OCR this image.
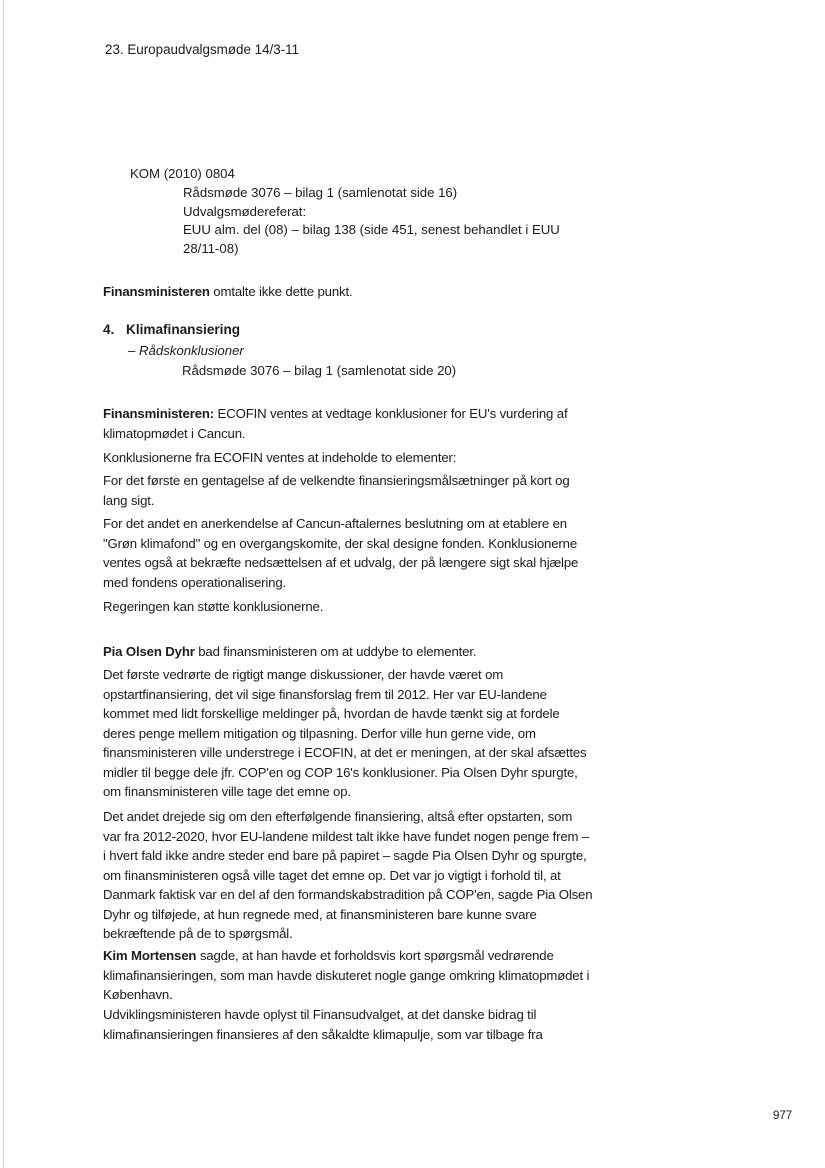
23. Europaudvalgsmøde 14/3-11
KOM (2010) 0804
Rådsmøde 3076 – bilag 1 (samlenotat side 16)
Udvalgsmødereferat:
EUU alm. del (08) – bilag 138 (side 451, senest behandlet i EUU
28/11-08)

Finansministeren omtalte ikke dette punkt.

4. Klimafinansiering
– Rådskonklusioner
Rådsmøde 3076 – bilag 1 (samlenotat side 20)

Finansministeren: ECOFIN ventes at vedtage konklusioner for EU's vurdering af klimatopmødet i Cancun.

Konklusionerne fra ECOFIN ventes at indeholde to elementer:

For det første en gentagelse af de velkendte finansieringsmålsætninger på kort og lang sigt.

For det andet en anerkendelse af Cancun-aftalernes beslutning om at etablere en "Grøn klimafond" og en overgangskomite, der skal designe fonden. Konklusionerne ventes også at bekræfte nedsættelsen af et udvalg, der på længere sigt skal hjælpe med fondens operationalisering.

Regeringen kan støtte konklusionerne.

Pia Olsen Dyhr bad finansministeren om at uddybe to elementer.

Det første vedrørte de rigtigt mange diskussioner, der havde været om opstartfinansiering, det vil sige finansforslag frem til 2012. Her var EU-landene kommet med lidt forskellige meldinger på, hvordan de havde tænkt sig at fordele deres penge mellem mitigation og tilpasning. Derfor ville hun gerne vide, om finansministeren ville understrege i ECOFIN, at det er meningen, at der skal afsættes midler til begge dele jfr. COP'en og COP 16's konklusioner. Pia Olsen Dyhr spurgte, om finansministeren ville tage det emne op.

Det andet drejede sig om den efterfølgende finansiering, altså efter opstarten, som var fra 2012-2020, hvor EU-landene mildest talt ikke have fundet nogen penge frem – i hvert fald ikke andre steder end bare på papiret – sagde Pia Olsen Dyhr og spurgte, om finansministeren også ville taget det emne op. Det var jo vigtigt i forhold til, at Danmark faktisk var en del af den formandskabstradition på COP'en, sagde Pia Olsen Dyhr og tilføjede, at hun regnede med, at finansministeren bare kunne svare bekræftende på de to spørgsmål.

Kim Mortensen sagde, at han havde et forholdsvis kort spørgsmål vedrørende klimafinansieringen, som man havde diskuteret nogle gange omkring klimatopmødet i København.

Udviklingsministeren havde oplyst til Finansudvalget, at det danske bidrag til klimafinansieringen finansieres af den såkaldte klimapulje, som var tilbage fra

977
